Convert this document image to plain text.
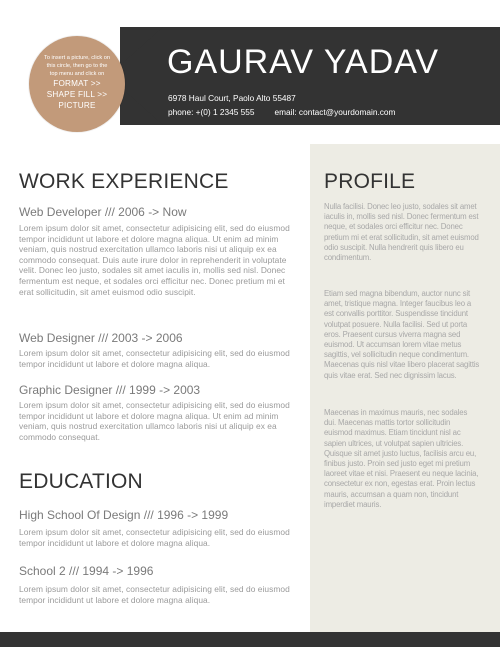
To insert a picture, click on this circle, then go to the top menu and click on
FORMAT >>
SHAPE FILL >>
PICTURE
GAURAV YADAV
6978 Haul Court, Paolo Alto 55487
phone: +(0) 1 2345 555 email: contact@yourdomain.com
WORK EXPERIENCE
Web Developer /// 2006 -> Now
Lorem ipsum dolor sit amet, consectetur adipisicing elit, sed do eiusmod tempor incididunt ut labore et dolore magna aliqua. Ut enim ad minim veniam, quis nostrud exercitation ullamco laboris nisi ut aliquip ex ea commodo consequat. Duis aute irure dolor in reprehenderit in voluptate velit. Donec leo justo, sodales sit amet iaculis in, mollis sed nisl. Donec fermentum est neque, et sodales orci efficitur nec. Donec pretium mi et erat sollicitudin, sit amet euismod odio suscipit.
Web Designer /// 2003 -> 2006
Lorem ipsum dolor sit amet, consectetur adipisicing elit, sed do eiusmod tempor incididunt ut labore et dolore magna aliqua.
Graphic Designer /// 1999 -> 2003
Lorem ipsum dolor sit amet, consectetur adipisicing elit, sed do eiusmod tempor incididunt ut labore et dolore magna aliqua. Ut enim ad minim veniam, quis nostrud exercitation ullamco laboris nisi ut aliquip ex ea commodo consequat.
EDUCATION
High School Of Design /// 1996 -> 1999
Lorem ipsum dolor sit amet, consectetur adipisicing elit, sed do eiusmod tempor incididunt ut labore et dolore magna aliqua.
School 2 /// 1994 -> 1996
Lorem ipsum dolor sit amet, consectetur adipisicing elit, sed do eiusmod tempor incididunt ut labore et dolore magna aliqua.
PROFILE
Nulla facilisi. Donec leo justo, sodales sit amet iaculis in, mollis sed nisl. Donec fermentum est neque, et sodales orci efficitur nec. Donec pretium mi et erat sollicitudin, sit amet euismod odio suscipit. Nulla hendrerit quis libero eu condimentum.
Etiam sed magna bibendum, auctor nunc sit amet, tristique magna. Integer faucibus leo a est convallis porttitor. Suspendisse tincidunt volutpat posuere. Nulla facilisi. Sed ut porta eros. Praesent cursus viverra magna sed euismod. Ut accumsan lorem vitae metus sagittis, vel sollicitudin neque condimentum. Maecenas quis nisl vitae libero placerat sagittis quis vitae erat. Sed nec dignissim lacus.
Maecenas in maximus mauris, nec sodales dui. Maecenas mattis tortor sollicitudin euismod maximus. Etiam tincidunt nisl ac sapien ultrices, ut volutpat sapien ultricies. Quisque sit amet justo luctus, facilisis arcu eu, finibus justo. Proin sed justo eget mi pretium laoreet vitae et nisi. Praesent eu neque lacinia, consectetur ex non, egestas erat. Proin lectus mauris, accumsan a quam non, tincidunt imperdiet mauris.
